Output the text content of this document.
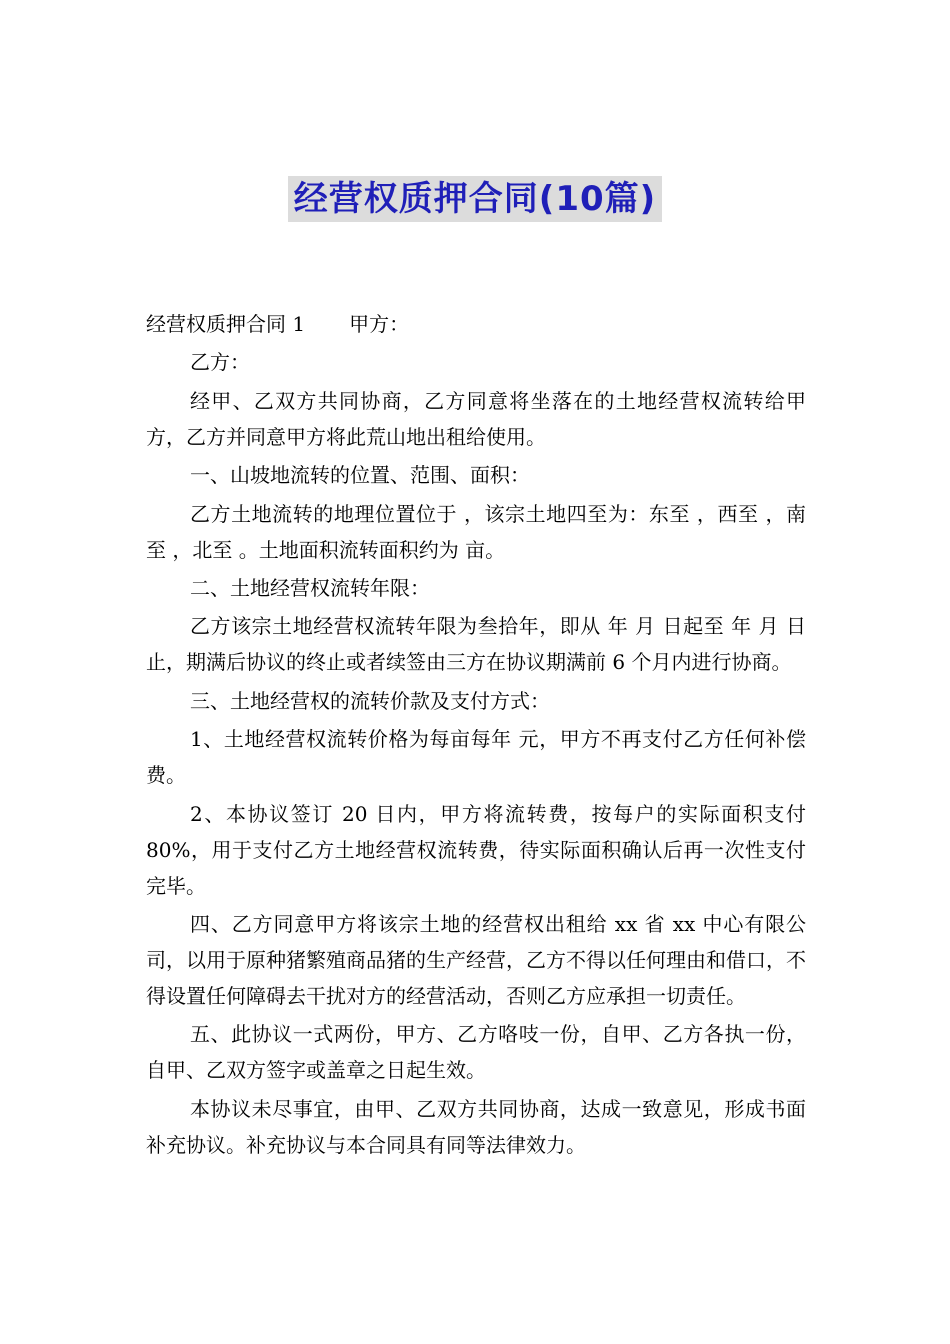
经营权质押合同(10篇)

经营权质押合同 1 甲方：

乙方：

经甲、乙双方共同协商，乙方同意将坐落在的土地经营权流转给甲方，乙方并同意甲方将此荒山地出租给使用。

一、山坡地流转的位置、范围、面积：

乙方土地流转的地理位置位于 ，该宗土地四至为：东至 ，西至 ，南至 ，北至 。土地面积流转面积约为 亩。

二、土地经营权流转年限：

乙方该宗土地经营权流转年限为叁拾年，即从 年 月 日起至 年 月 日止，期满后协议的终止或者续签由三方在协议期满前 6 个月内进行协商。

三、土地经营权的流转价款及支付方式：

1、土地经营权流转价格为每亩每年 元，甲方不再支付乙方任何补偿费。

2、本协议签订 20 日内，甲方将流转费，按每户的实际面积支付 80%，用于支付乙方土地经营权流转费，待实际面积确认后再一次性支付完毕。

四、乙方同意甲方将该宗土地的经营权出租给 xx 省 xx 中心有限公司，以用于原种猪繁殖商品猪的生产经营，乙方不得以任何理由和借口，不得设置任何障碍去干扰对方的经营活动，否则乙方应承担一切责任。

五、此协议一式两份，甲方、乙方咯吱一份，自甲、乙方各执一份，自甲、乙双方签字或盖章之日起生效。

本协议未尽事宜，由甲、乙双方共同协商，达成一致意见，形成书面补充协议。补充协议与本合同具有同等法律效力。
